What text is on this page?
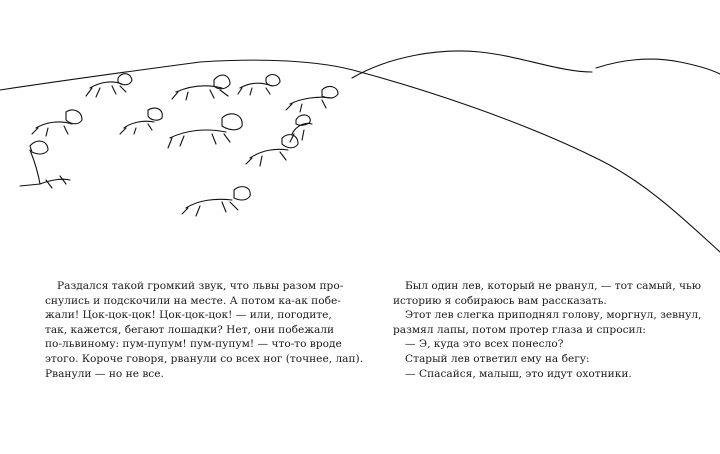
Раздался такой громкий звук, что львы разом про-
снулись и подскочили на месте. А потом ка-ак побе-
жали! Цок-цок-цок! Цок-цок-цок! — или, погодите,
так, кажется, бегают лошадки? Нет, они побежали
по-львиному: пум-пупум! пум-пупум! — что-то вроде
этого. Короче говоря, рванули со всех ног (точнее, лап).
Рванули — но не все.
Был один лев, который не рванул, — тот самый, чью
историю я собираюсь вам рассказать.
Этот лев слегка приподнял голову, моргнул, зевнул,
размял лапы, потом протер глаза и спросил:
— Э, куда это всех понесло?
Старый лев ответил ему на бегу:
— Спасайся, малыш, это идут охотники.
